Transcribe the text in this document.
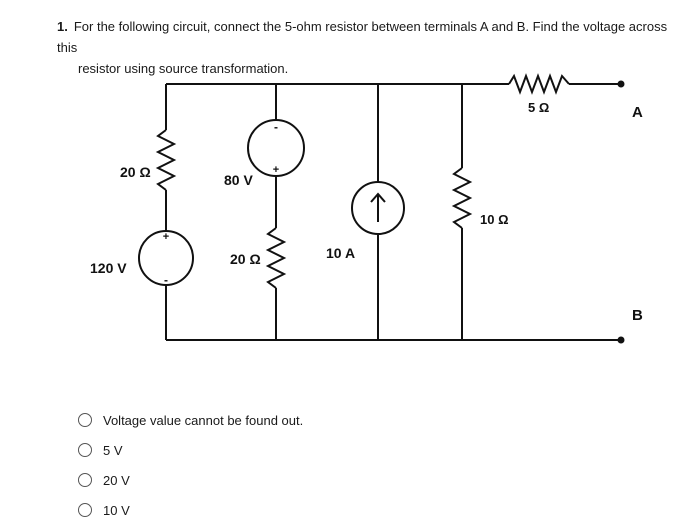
1. For the following circuit, connect the 5-ohm resistor between terminals A and B. Find the voltage across this
resistor using source transformation.
-
+
+
-
20 Ω	80 V
120 V
20 Ω	10 A
10 Ω
5 Ω	A
B
Voltage value cannot be found out.
5 V
20 V
10 V
